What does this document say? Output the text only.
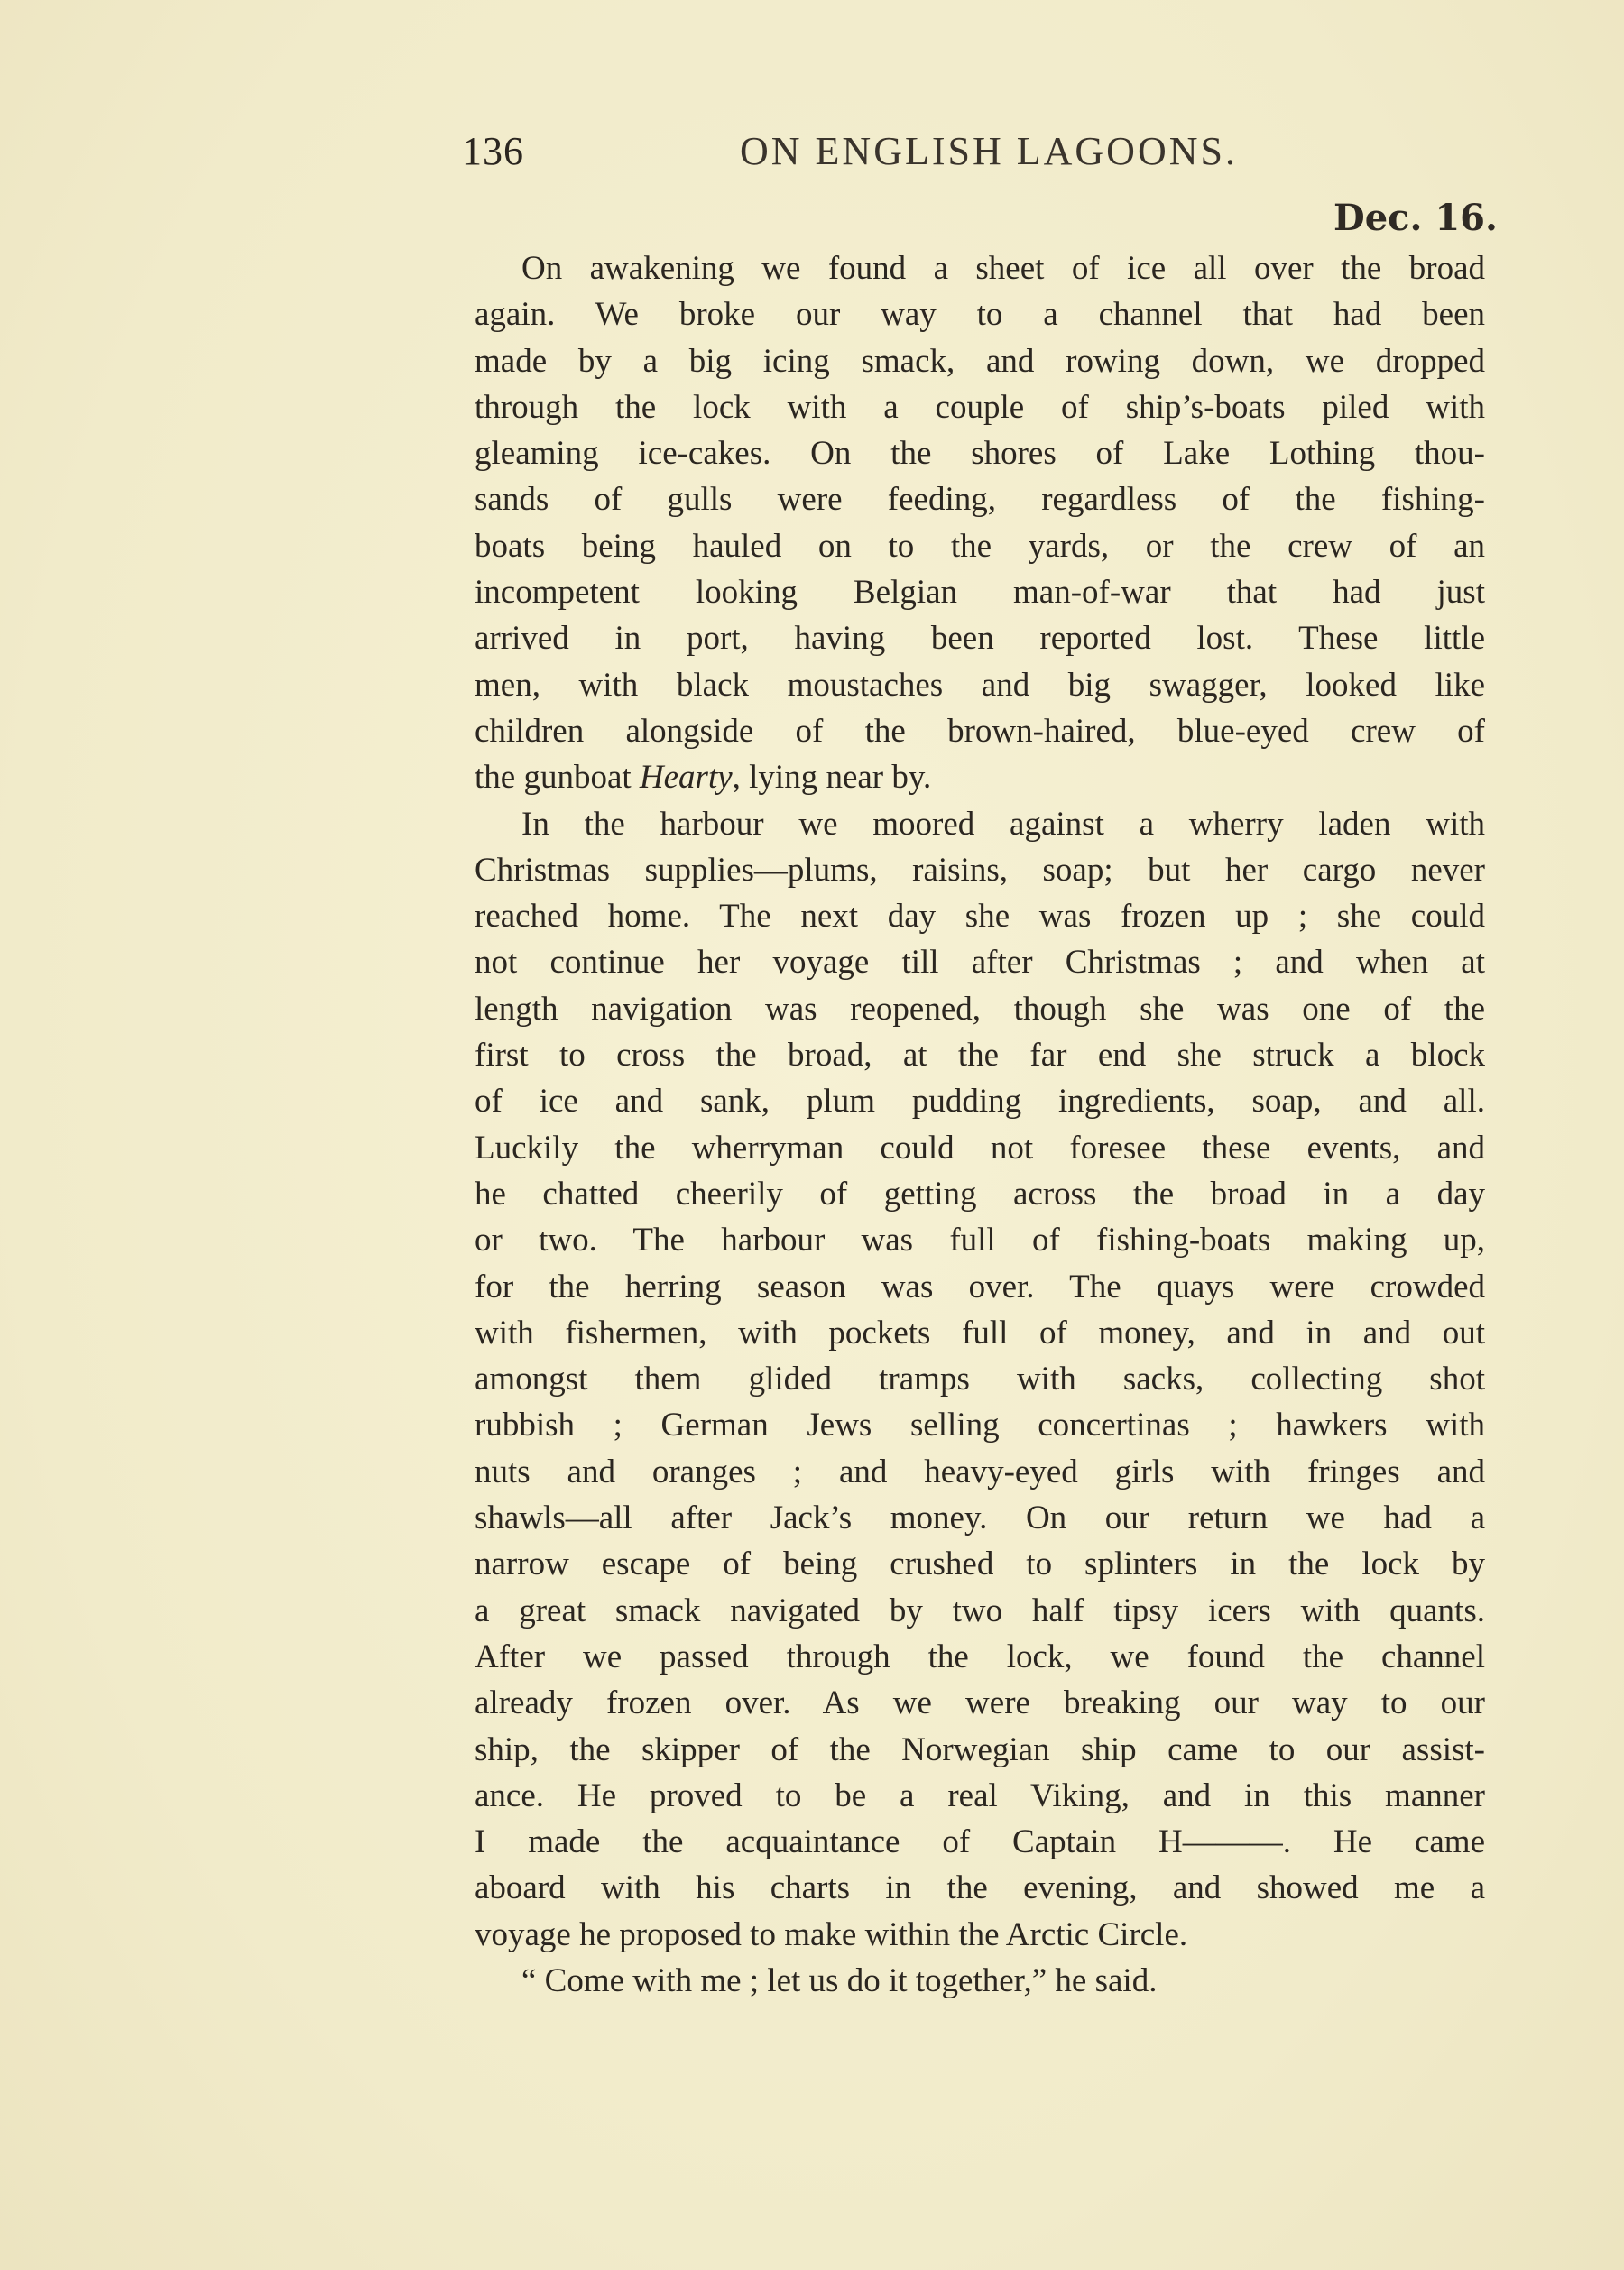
136	ON ENGLISH LAGOONS.
Dec. 16.
On awakening we found a sheet of ice all over the broad
again. We broke our way to a channel that had been
made by a big icing smack, and rowing down, we dropped
through the lock with a couple of ship’s-boats piled with
gleaming ice-cakes. On the shores of Lake Lothing thou-
sands of gulls were feeding, regardless of the fishing-
boats being hauled on to the yards, or the crew of an
incompetent looking Belgian man-of-war that had just
arrived in port, having been reported lost. These little
men, with black moustaches and big swagger, looked like
children alongside of the brown-haired, blue-eyed crew of
the gunboat Hearty, lying near by.
In the harbour we moored against a wherry laden with
Christmas supplies—plums, raisins, soap; but her cargo never
reached home. The next day she was frozen up ; she could
not continue her voyage till after Christmas ; and when at
length navigation was reopened, though she was one of the
first to cross the broad, at the far end she struck a block
of ice and sank, plum pudding ingredients, soap, and all.
Luckily the wherryman could not foresee these events, and
he chatted cheerily of getting across the broad in a day
or two. The harbour was full of fishing-boats making up,
for the herring season was over. The quays were crowded
with fishermen, with pockets full of money, and in and out
amongst them glided tramps with sacks, collecting shot
rubbish ; German Jews selling concertinas ; hawkers with
nuts and oranges ; and heavy-eyed girls with fringes and
shawls—all after Jack’s money. On our return we had a
narrow escape of being crushed to splinters in the lock by
a great smack navigated by two half tipsy icers with quants.
After we passed through the lock, we found the channel
already frozen over. As we were breaking our way to our
ship, the skipper of the Norwegian ship came to our assist-
ance. He proved to be a real Viking, and in this manner
I made the acquaintance of Captain H———. He came
aboard with his charts in the evening, and showed me a
voyage he proposed to make within the Arctic Circle.
“ Come with me ; let us do it together,” he said.
